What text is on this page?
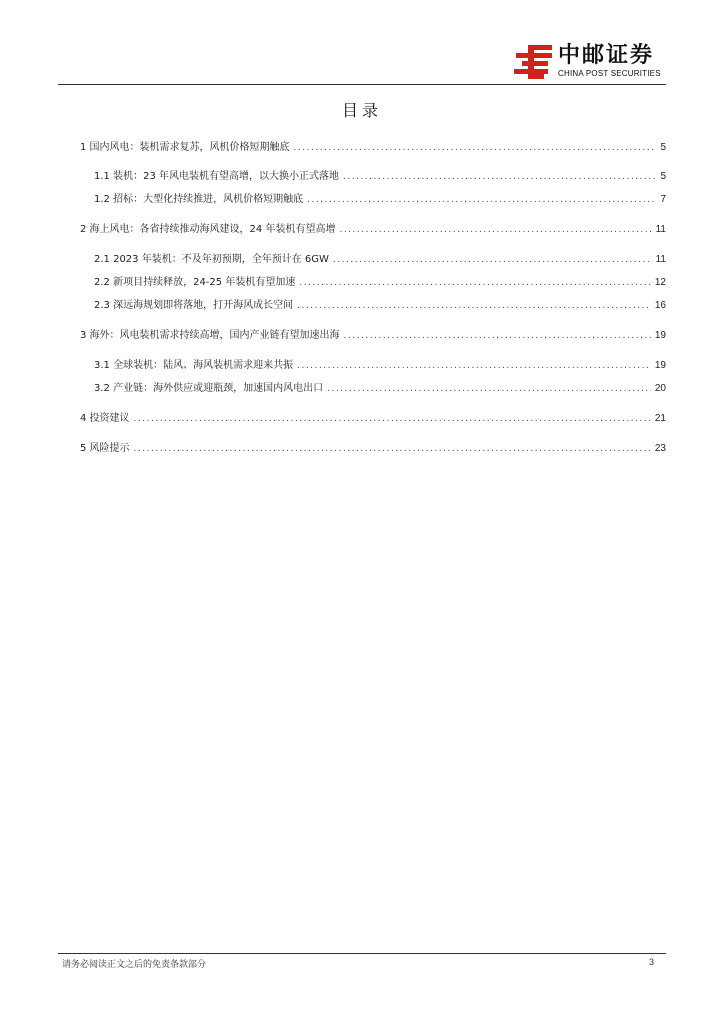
中邮证券
CHINA POST SECURITIES
目录
1 国内风电：装机需求复苏，风机价格短期触底 .....	5
1.1 装机：23 年风电装机有望高增，以大换小正式落地 .....	5
1.2 招标：大型化持续推进，风机价格短期触底 .....	7
2 海上风电：各省持续推动海风建设，24 年装机有望高增 .....	11
2.1 2023 年装机：不及年初预期，全年预计在 6GW .....	11
2.2 新项目持续释放，24-25 年装机有望加速 .....	12
2.3 深远海规划即将落地，打开海风成长空间 .....	16
3 海外：风电装机需求持续高增，国内产业链有望加速出海 .....	19
3.1 全球装机：陆风、海风装机需求迎来共振 .....	19
3.2 产业链：海外供应或迎瓶颈，加速国内风电出口 .....	20
4 投资建议 .....	21
5 风险提示 .....	23
请务必阅读正文之后的免责条款部分	3
